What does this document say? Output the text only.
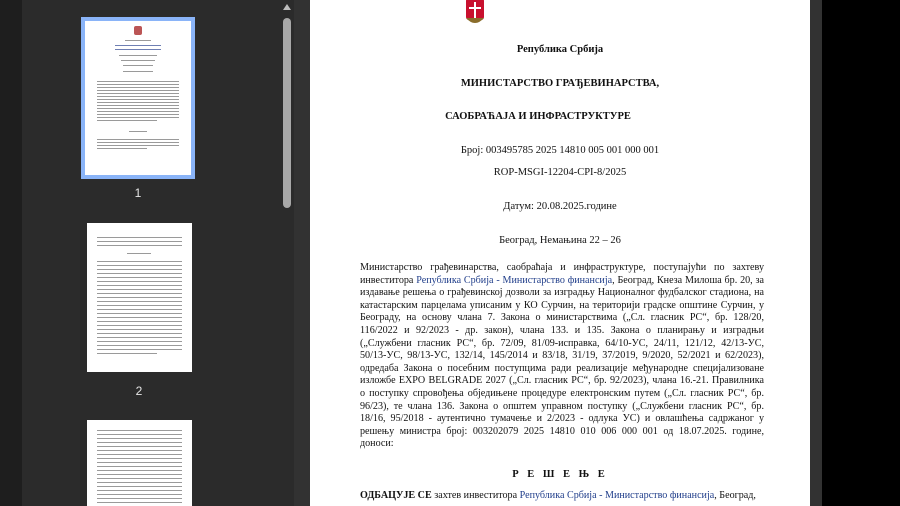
1
2
Република Србија
МИНИСТАРСТВО ГРАЂЕВИНАРСТВА,
САОБРАЋАЈА И ИНФРАСТРУКТУРЕ
Број: 003495785 2025 14810 005 001 000 001
ROP-MSGI-12204-CPI-8/2025
Датум: 20.08.2025.године
Београд, Немањина 22 – 26
Министарство грађевинарства, саобраћаја и инфраструктуре, поступајући по захтеву
инвеститора Република Србија - Министарство финансија, Београд, Кнеза Милоша бр. 20, за
издавање решења о грађевинској дозволи за изградњу Националног фудбалског стадиона, на
катастарским парцелама уписаним у КО Сурчин, на територији градске општине Сурчин, у
Београду, на основу члана 7. Закона о министарствима („Сл. гласник РС“, бр. 128/20,
116/2022 и 92/2023 - др. закон), члана 133. и 135. Закона о планирању и изградњи
(„Службени гласник РС“, бр. 72/09, 81/09-исправка, 64/10-УС, 24/11, 121/12, 42/13-УС,
50/13-УС, 98/13-УС, 132/14, 145/2014 и 83/18, 31/19, 37/2019, 9/2020, 52/2021 и 62/2023),
одредаба Закона о посебним поступцима ради реализације међународне специјализоване
изложбе EXPO BELGRADE 2027 („Сл. гласник РС“, бр. 92/2023), члана 16.-21. Правилника
о поступку спровођења обједињене процедуре електронским путем („Сл. гласник РС“, бр.
96/23), те члана 136. Закона о општем управном поступку („Службени гласник РС“, бр.
18/16, 95/2018 - аутентично тумачење и 2/2023 - одлука УС) и овлашћења садржаног у
решењу министра број: 003202079 2025 14810 010 006 000 001 од 18.07.2025. године,
доноси:
Р Е Ш Е Њ Е
ОДБАЦУЈЕ СЕ захтев инвеститора Република Србија - Министарство финансија, Београд,
